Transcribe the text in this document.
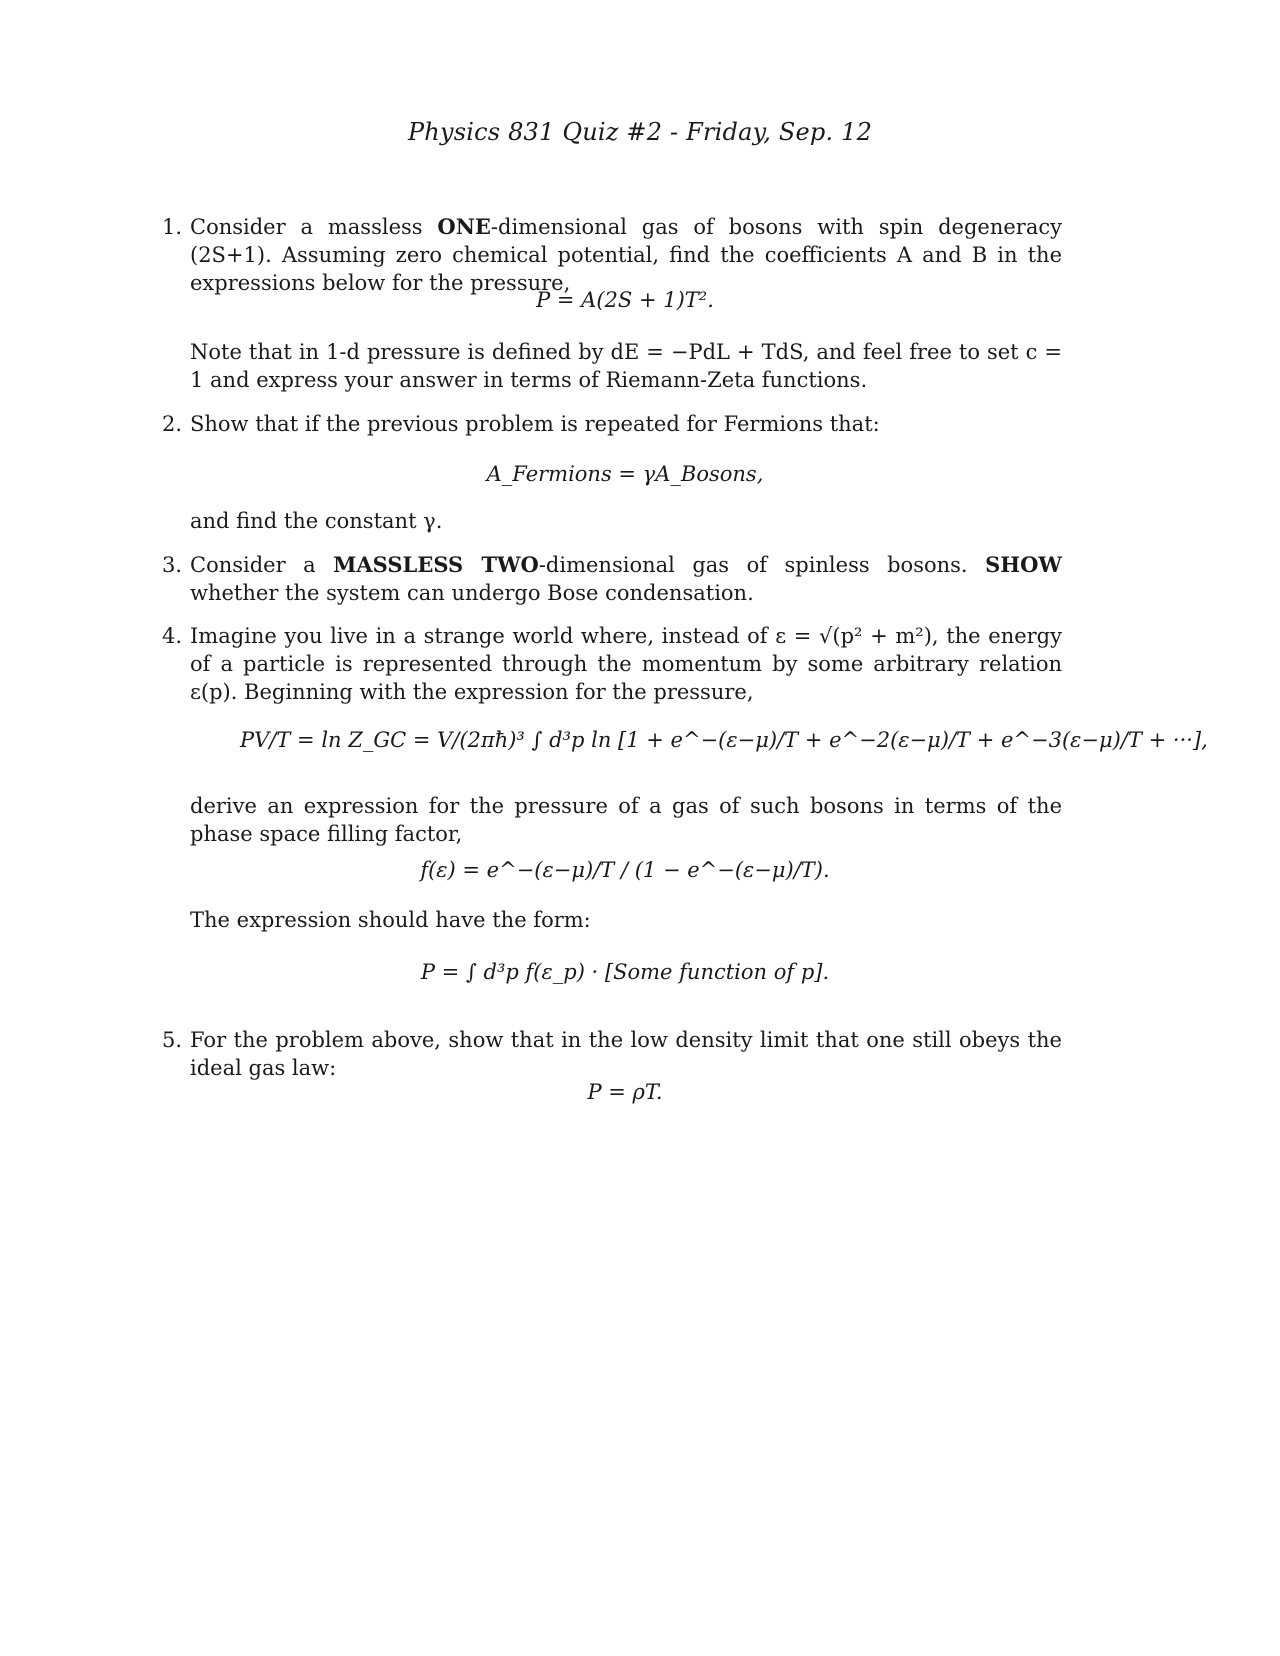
Physics 831 Quiz #2 - Friday, Sep. 12
1. Consider a massless ONE-dimensional gas of bosons with spin degeneracy (2S+1). Assuming zero chemical potential, find the coefficients A and B in the expressions below for the pressure,
P = A(2S + 1)T².
Note that in 1-d pressure is defined by dE = −PdL + TdS, and feel free to set c = 1 and express your answer in terms of Riemann-Zeta functions.
2. Show that if the previous problem is repeated for Fermions that:
A_Fermions = γA_Bosons,
and find the constant γ.
3. Consider a MASSLESS TWO-dimensional gas of spinless bosons. SHOW whether the system can undergo Bose condensation.
4. Imagine you live in a strange world where, instead of ε = √(p² + m²), the energy of a particle is represented through the momentum by some arbitrary relation ε(p). Beginning with the expression for the pressure,
PV/T = ln Z_GC = V/(2πħ)³ ∫ d³p ln [1 + e^−(ε−μ)/T + e^−2(ε−μ)/T + e^−3(ε−μ)/T + ···],
derive an expression for the pressure of a gas of such bosons in terms of the phase space filling factor,
f(ε) = e^−(ε−μ)/T / (1 − e^−(ε−μ)/T).
The expression should have the form:
P = ∫ d³p f(ε_p) · [Some function of p].
5. For the problem above, show that in the low density limit that one still obeys the ideal gas law:
P = ρT.
